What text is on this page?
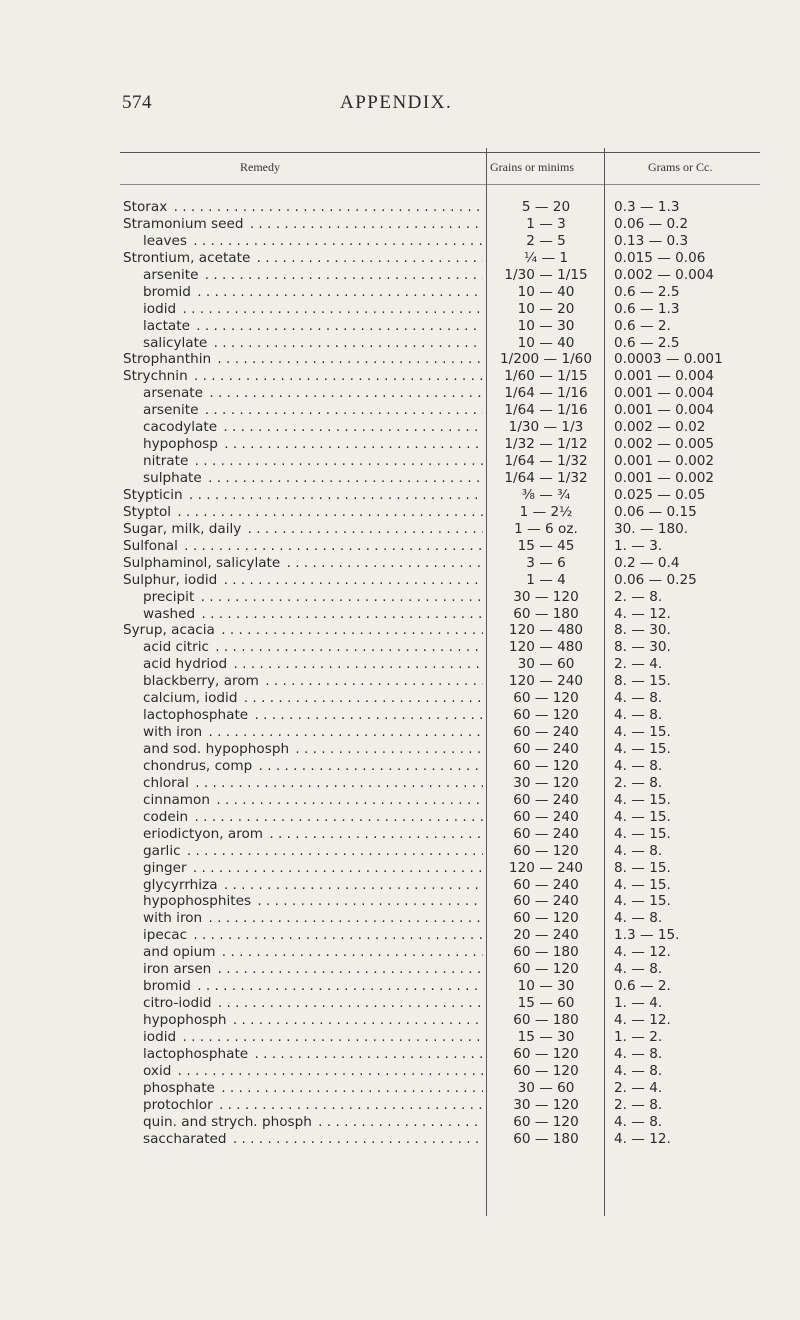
574	APPENDIX.
Remedy	Grains or minims	Grams or Cc.
Storax . . .	5 — 20	0.3 — 1.3
Stramonium seed . . .	1 — 3	0.06 — 0.2
leaves . . .	2 — 5	0.13 — 0.3
Strontium, acetate . . .	¼ — 1	0.015 — 0.06
arsenite . . .	1/30 — 1/15	0.002 — 0.004
bromid . . .	10 — 40	0.6 — 2.5
iodid . . .	10 — 20	0.6 — 1.3
lactate . . .	10 — 30	0.6 — 2.
salicylate . . .	10 — 40	0.6 — 2.5
Strophanthin . . .	1/200 — 1/60	0.0003 — 0.001
Strychnin . . .	1/60 — 1/15	0.001 — 0.004
arsenate . . .	1/64 — 1/16	0.001 — 0.004
arsenite . . .	1/64 — 1/16	0.001 — 0.004
cacodylate . . .	1/30 — 1/3	0.002 — 0.02
hypophosp . . .	1/32 — 1/12	0.002 — 0.005
nitrate . . .	1/64 — 1/32	0.001 — 0.002
sulphate . . .	1/64 — 1/32	0.001 — 0.002
Stypticin . . .	⅜ — ¾	0.025 — 0.05
Styptol . . .	1 — 2½	0.06 — 0.15
Sugar, milk, daily . . .	1 — 6 oz.	30. — 180.
Sulfonal . . .	15 — 45	1. — 3.
Sulphaminol, salicylate . . .	3 — 6	0.2 — 0.4
Sulphur, iodid . . .	1 — 4	0.06 — 0.25
precipit . . .	30 — 120	2. — 8.
washed . . .	60 — 180	4. — 12.
Syrup, acacia . . .	120 — 480	8. — 30.
acid citric . . .	120 — 480	8. — 30.
acid hydriod . . .	30 — 60	2. — 4.
blackberry, arom . . .	120 — 240	8. — 15.
calcium, iodid . . .	60 — 120	4. — 8.
lactophosphate . . .	60 — 120	4. — 8.
with iron . . .	60 — 240	4. — 15.
and sod. hypophosph . . .	60 — 240	4. — 15.
chondrus, comp . . .	60 — 120	4. — 8.
chloral . . .	30 — 120	2. — 8.
cinnamon . . .	60 — 240	4. — 15.
codein . . .	60 — 240	4. — 15.
eriodictyon, arom . . .	60 — 240	4. — 15.
garlic . . .	60 — 120	4. — 8.
ginger . . .	120 — 240	8. — 15.
glycyrrhiza . . .	60 — 240	4. — 15.
hypophosphites . . .	60 — 240	4. — 15.
with iron . . .	60 — 120	4. — 8.
ipecac . . .	20 — 240	1.3 — 15.
and opium . . .	60 — 180	4. — 12.
iron arsen . . .	60 — 120	4. — 8.
bromid . . .	10 — 30	0.6 — 2.
citro-iodid . . .	15 — 60	1. — 4.
hypophosph . . .	60 — 180	4. — 12.
iodid . . .	15 — 30	1. — 2.
lactophosphate . . .	60 — 120	4. — 8.
oxid . . .	60 — 120	4. — 8.
phosphate . . .	30 — 60	2. — 4.
protochlor . . .	30 — 120	2. — 8.
quin. and strych. phosph . . .	60 — 120	4. — 8.
saccharated . . .	60 — 180	4. — 12.
